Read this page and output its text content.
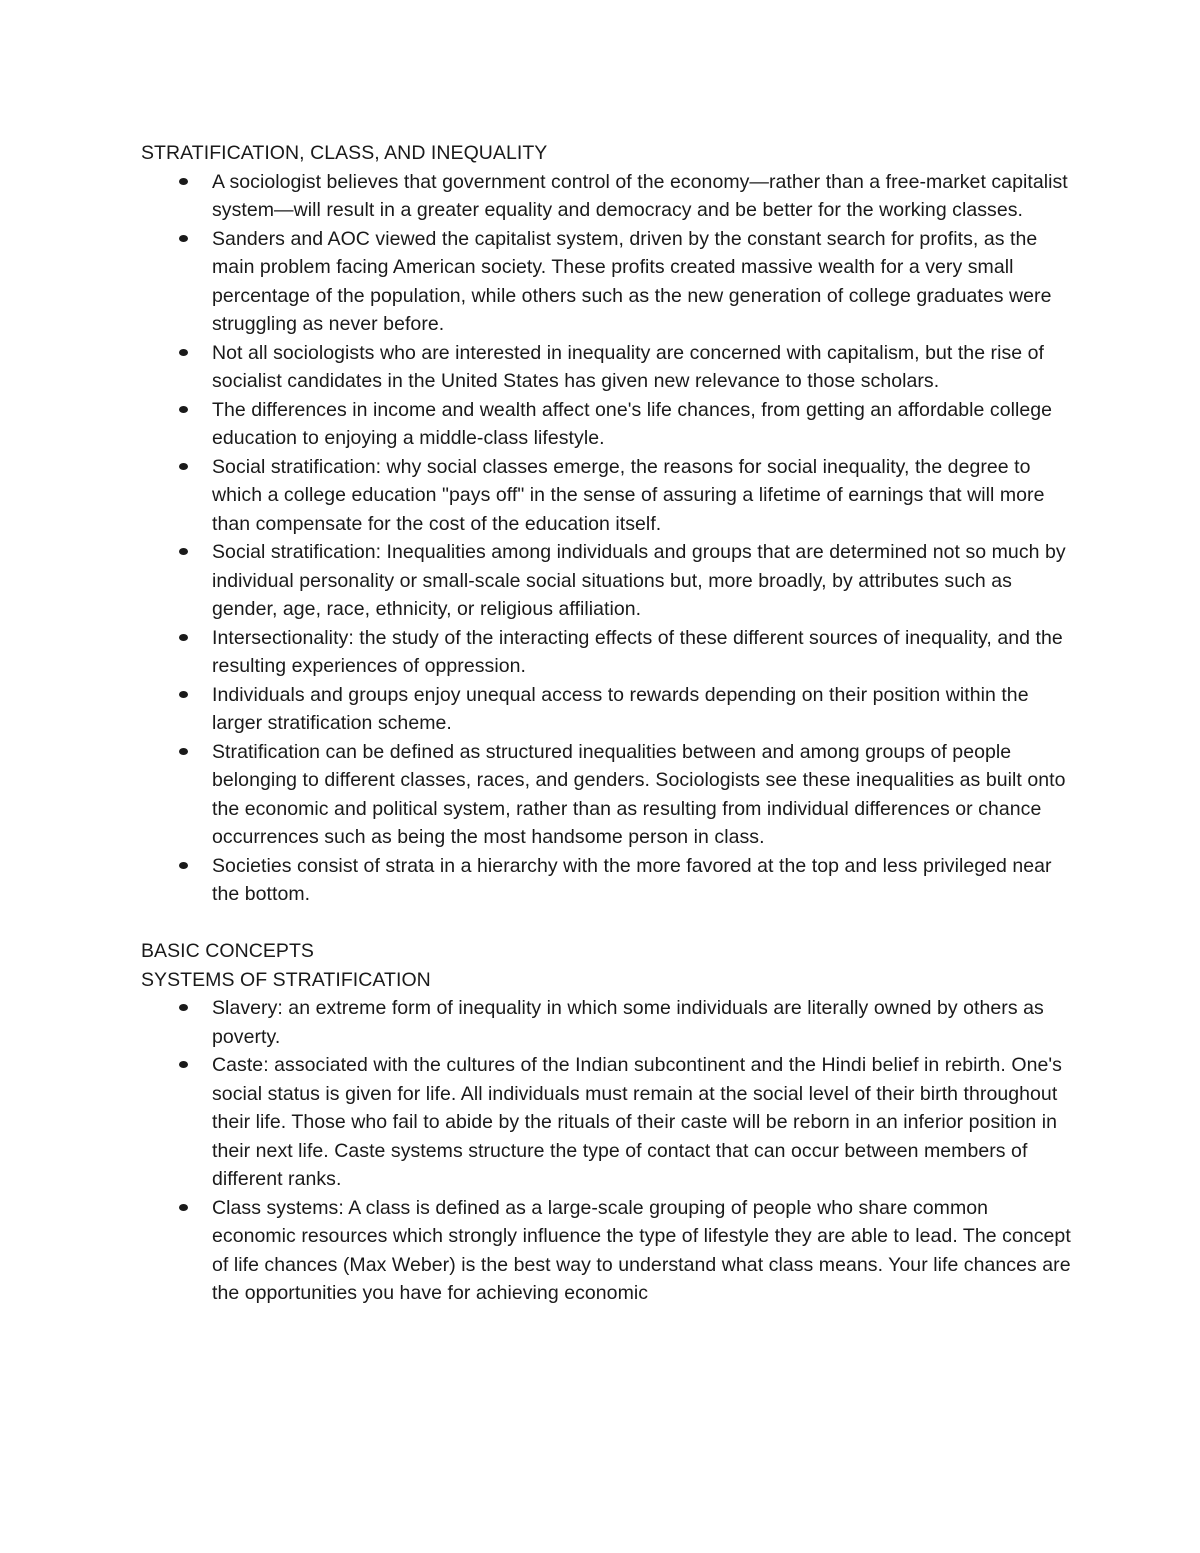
STRATIFICATION, CLASS, AND INEQUALITY
A sociologist believes that government control of the economy—rather than a free-market capitalist system—will result in a greater equality and democracy and be better for the working classes.
Sanders and AOC viewed the capitalist system, driven by the constant search for profits, as the main problem facing American society. These profits created massive wealth for a very small percentage of the population, while others such as the new generation of college graduates were struggling as never before.
Not all sociologists who are interested in inequality are concerned with capitalism, but the rise of socialist candidates in the United States has given new relevance to those scholars.
The differences in income and wealth affect one's life chances, from getting an affordable college education to enjoying a middle-class lifestyle.
Social stratification: why social classes emerge, the reasons for social inequality, the degree to which a college education "pays off" in the sense of assuring a lifetime of earnings that will more than compensate for the cost of the education itself.
Social stratification: Inequalities among individuals and groups that are determined not so much by individual personality or small-scale social situations but, more broadly, by attributes such as gender, age, race, ethnicity, or religious affiliation.
Intersectionality: the study of the interacting effects of these different sources of inequality, and the resulting experiences of oppression.
Individuals and groups enjoy unequal access to rewards depending on their position within the larger stratification scheme.
Stratification can be defined as structured inequalities between and among groups of people belonging to different classes, races, and genders. Sociologists see these inequalities as built onto the economic and political system, rather than as resulting from individual differences or chance occurrences such as being the most handsome person in class.
Societies consist of strata in a hierarchy with the more favored at the top and less privileged near the bottom.
BASIC CONCEPTS
SYSTEMS OF STRATIFICATION
Slavery: an extreme form of inequality in which some individuals are literally owned by others as poverty.
Caste: associated with the cultures of the Indian subcontinent and the Hindi belief in rebirth. One's social status is given for life. All individuals must remain at the social level of their birth throughout their life. Those who fail to abide by the rituals of their caste will be reborn in an inferior position in their next life. Caste systems structure the type of contact that can occur between members of different ranks.
Class systems: A class is defined as a large-scale grouping of people who share common economic resources which strongly influence the type of lifestyle they are able to lead. The concept of life chances (Max Weber) is the best way to understand what class means. Your life chances are the opportunities you have for achieving economic
